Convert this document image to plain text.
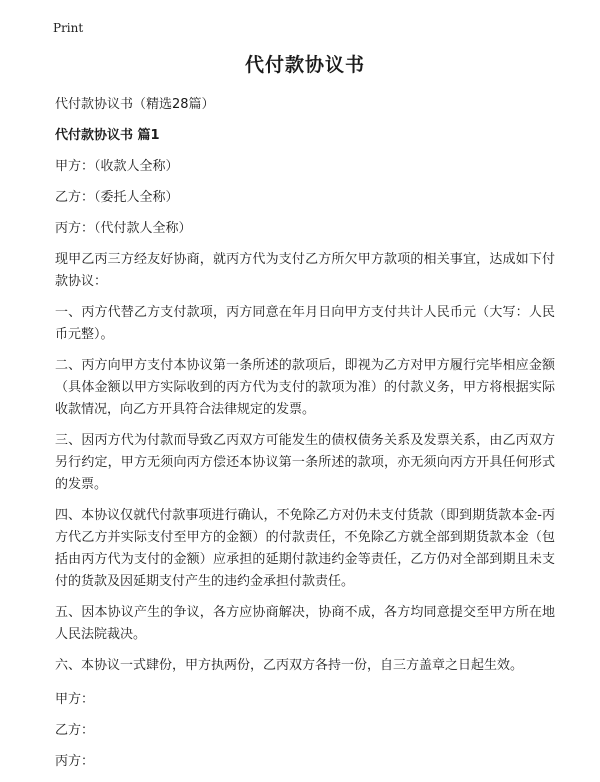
Print
代付款协议书

代付款协议书（精选28篇）

代付款协议书 篇1

甲方：（收款人全称）

乙方：（委托人全称）

丙方：（代付款人全称）

现甲乙丙三方经友好协商，就丙方代为支付乙方所欠甲方款项的相关事宜，达成如下付款协议：

一、丙方代替乙方支付款项，丙方同意在年月日向甲方支付共计人民币元（大写：人民币元整）。

二、丙方向甲方支付本协议第一条所述的款项后，即视为乙方对甲方履行完毕相应金额（具体金额以甲方实际收到的丙方代为支付的款项为准）的付款义务，甲方将根据实际收款情况，向乙方开具符合法律规定的发票。

三、因丙方代为付款而导致乙丙双方可能发生的债权债务关系及发票关系，由乙丙双方另行约定，甲方无须向丙方偿还本协议第一条所述的款项，亦无须向丙方开具任何形式的发票。

四、本协议仅就代付款事项进行确认，不免除乙方对仍未支付货款（即到期货款本金-丙方代乙方并实际支付至甲方的金额）的付款责任，不免除乙方就全部到期货款本金（包括由丙方代为支付的金额）应承担的延期付款违约金等责任，乙方仍对全部到期且未支付的货款及因延期支付产生的违约金承担付款责任。

五、因本协议产生的争议，各方应协商解决，协商不成，各方均同意提交至甲方所在地人民法院裁决。

六、本协议一式肆份，甲方执两份，乙丙双方各持一份，自三方盖章之日起生效。

甲方：

乙方：

丙方：
